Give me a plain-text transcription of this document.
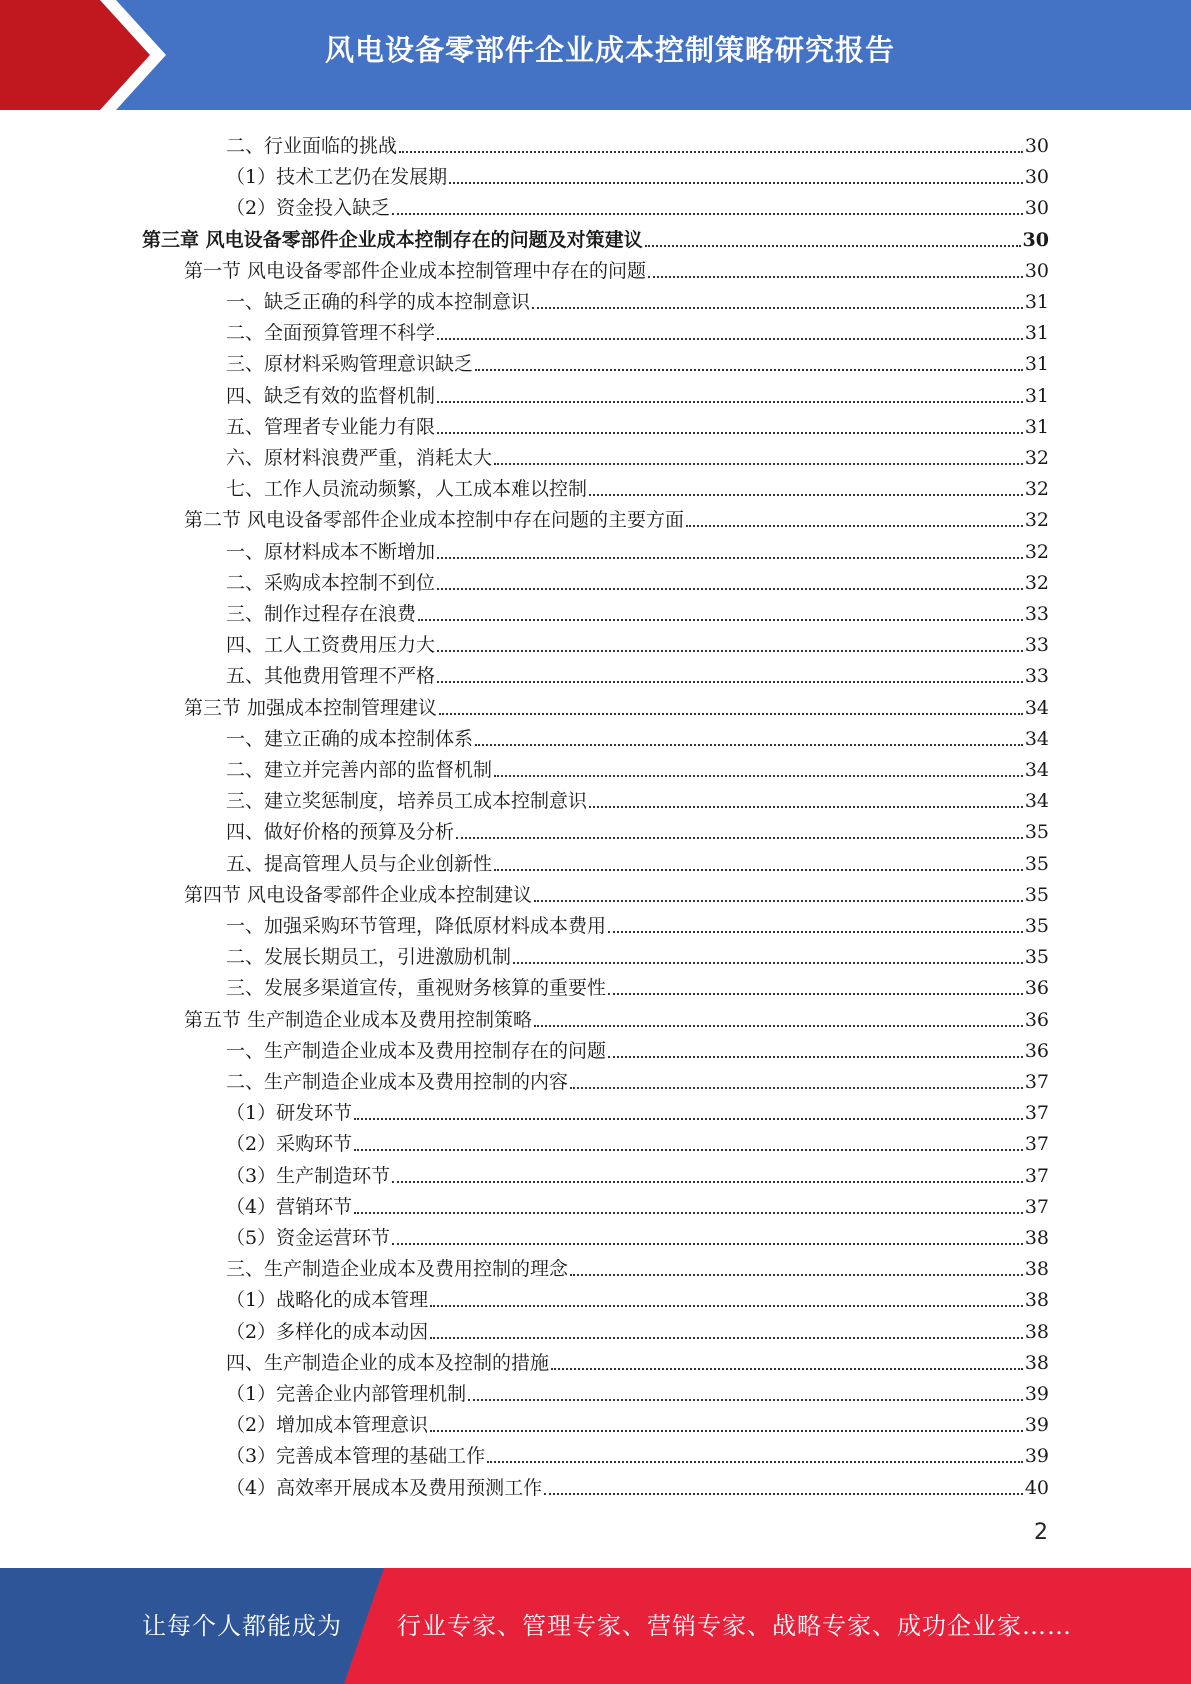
风电设备零部件企业成本控制策略研究报告
二、行业面临的挑战	30
（1）技术工艺仍在发展期	30
（2）资金投入缺乏	30
第三章 风电设备零部件企业成本控制存在的问题及对策建议	30
第一节 风电设备零部件企业成本控制管理中存在的问题	30
一、缺乏正确的科学的成本控制意识	31
二、全面预算管理不科学	31
三、原材料采购管理意识缺乏	31
四、缺乏有效的监督机制	31
五、管理者专业能力有限	31
六、原材料浪费严重，消耗太大	32
七、工作人员流动频繁，人工成本难以控制	32
第二节 风电设备零部件企业成本控制中存在问题的主要方面	32
一、原材料成本不断增加	32
二、采购成本控制不到位	32
三、制作过程存在浪费	33
四、工人工资费用压力大	33
五、其他费用管理不严格	33
第三节 加强成本控制管理建议	34
一、建立正确的成本控制体系	34
二、建立并完善内部的监督机制	34
三、建立奖惩制度，培养员工成本控制意识	34
四、做好价格的预算及分析	35
五、提高管理人员与企业创新性	35
第四节 风电设备零部件企业成本控制建议	35
一、加强采购环节管理，降低原材料成本费用	35
二、发展长期员工，引进激励机制	35
三、发展多渠道宣传，重视财务核算的重要性	36
第五节 生产制造企业成本及费用控制策略	36
一、生产制造企业成本及费用控制存在的问题	36
二、生产制造企业成本及费用控制的内容	37
（1）研发环节	37
（2）采购环节	37
（3）生产制造环节	37
（4）营销环节	37
（5）资金运营环节	38
三、生产制造企业成本及费用控制的理念	38
（1）战略化的成本管理	38
（2）多样化的成本动因	38
四、生产制造企业的成本及控制的措施	38
（1）完善企业内部管理机制	39
（2）增加成本管理意识	39
（3）完善成本管理的基础工作	39
（4）高效率开展成本及费用预测工作	40
2
让每个人都能成为 行业专家、管理专家、营销专家、战略专家、成功企业家……
